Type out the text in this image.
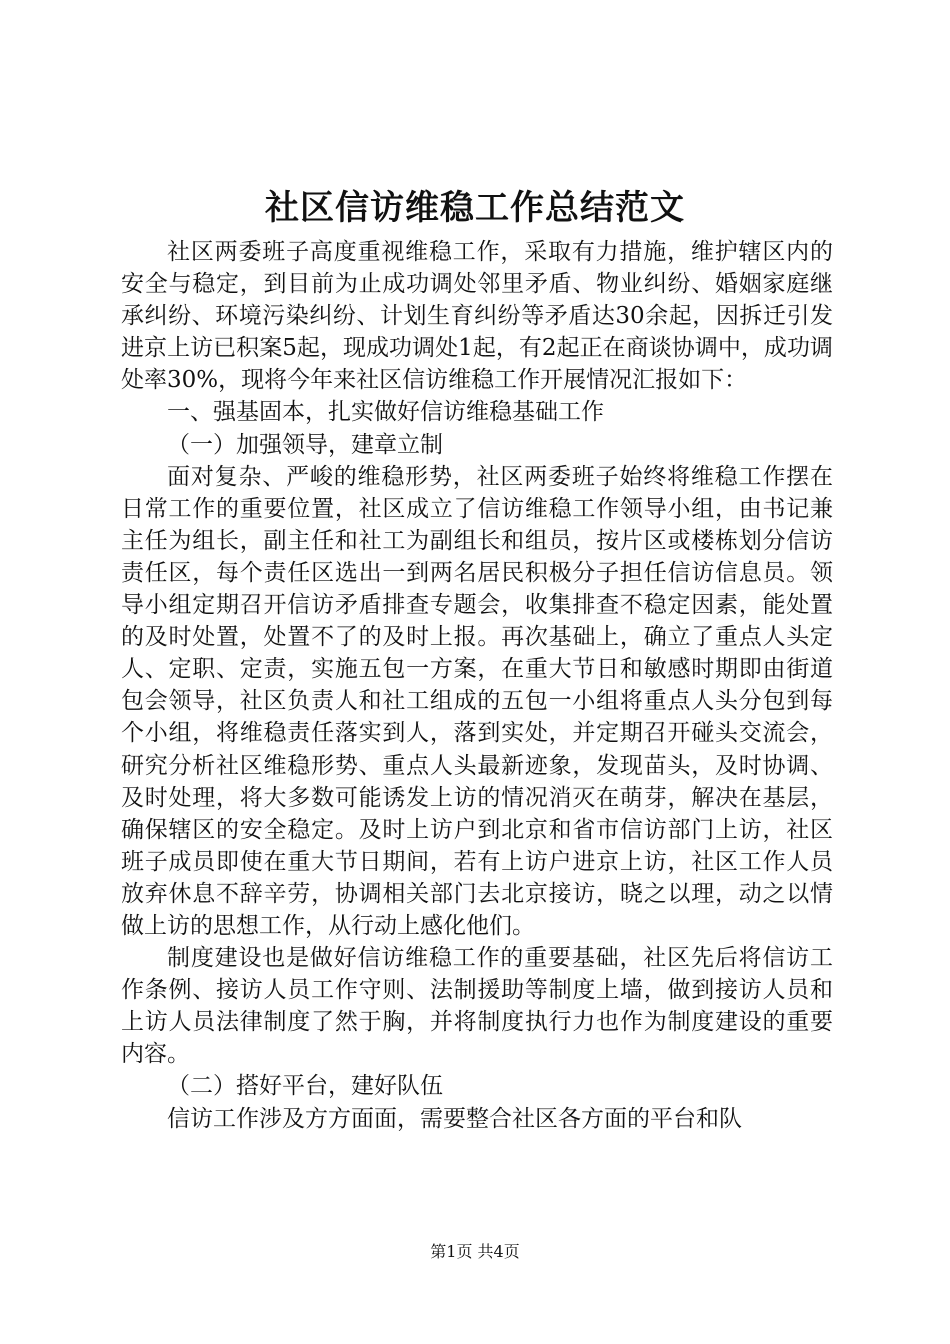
社区信访维稳工作总结范文

社区两委班子高度重视维稳工作，采取有力措施，维护辖区内的安全与稳定，到目前为止成功调处邻里矛盾、物业纠纷、婚姻家庭继承纠纷、环境污染纠纷、计划生育纠纷等矛盾达30余起，因拆迁引发进京上访已积案5起，现成功调处1起，有2起正在商谈协调中，成功调处率30%，现将今年来社区信访维稳工作开展情况汇报如下：

一、强基固本，扎实做好信访维稳基础工作

（一）加强领导，建章立制

面对复杂、严峻的维稳形势，社区两委班子始终将维稳工作摆在日常工作的重要位置，社区成立了信访维稳工作领导小组，由书记兼主任为组长，副主任和社工为副组长和组员，按片区或楼栋划分信访责任区，每个责任区选出一到两名居民积极分子担任信访信息员。领导小组定期召开信访矛盾排查专题会，收集排查不稳定因素，能处置的及时处置，处置不了的及时上报。再次基础上，确立了重点人头定人、定职、定责，实施五包一方案，在重大节日和敏感时期即由街道包会领导，社区负责人和社工组成的五包一小组将重点人头分包到每个小组，将维稳责任落实到人，落到实处，并定期召开碰头交流会，研究分析社区维稳形势、重点人头最新迹象，发现苗头，及时协调、及时处理，将大多数可能诱发上访的情况消灭在萌芽，解决在基层，确保辖区的安全稳定。及时上访户到北京和省市信访部门上访，社区班子成员即使在重大节日期间，若有上访户进京上访，社区工作人员放弃休息不辞辛劳，协调相关部门去北京接访，晓之以理，动之以情做上访的思想工作，从行动上感化他们。

制度建设也是做好信访维稳工作的重要基础，社区先后将信访工作条例、接访人员工作守则、法制援助等制度上墙，做到接访人员和上访人员法律制度了然于胸，并将制度执行力也作为制度建设的重要内容。

（二）搭好平台，建好队伍

信访工作涉及方方面面，需要整合社区各方面的平台和队

第1页 共4页
